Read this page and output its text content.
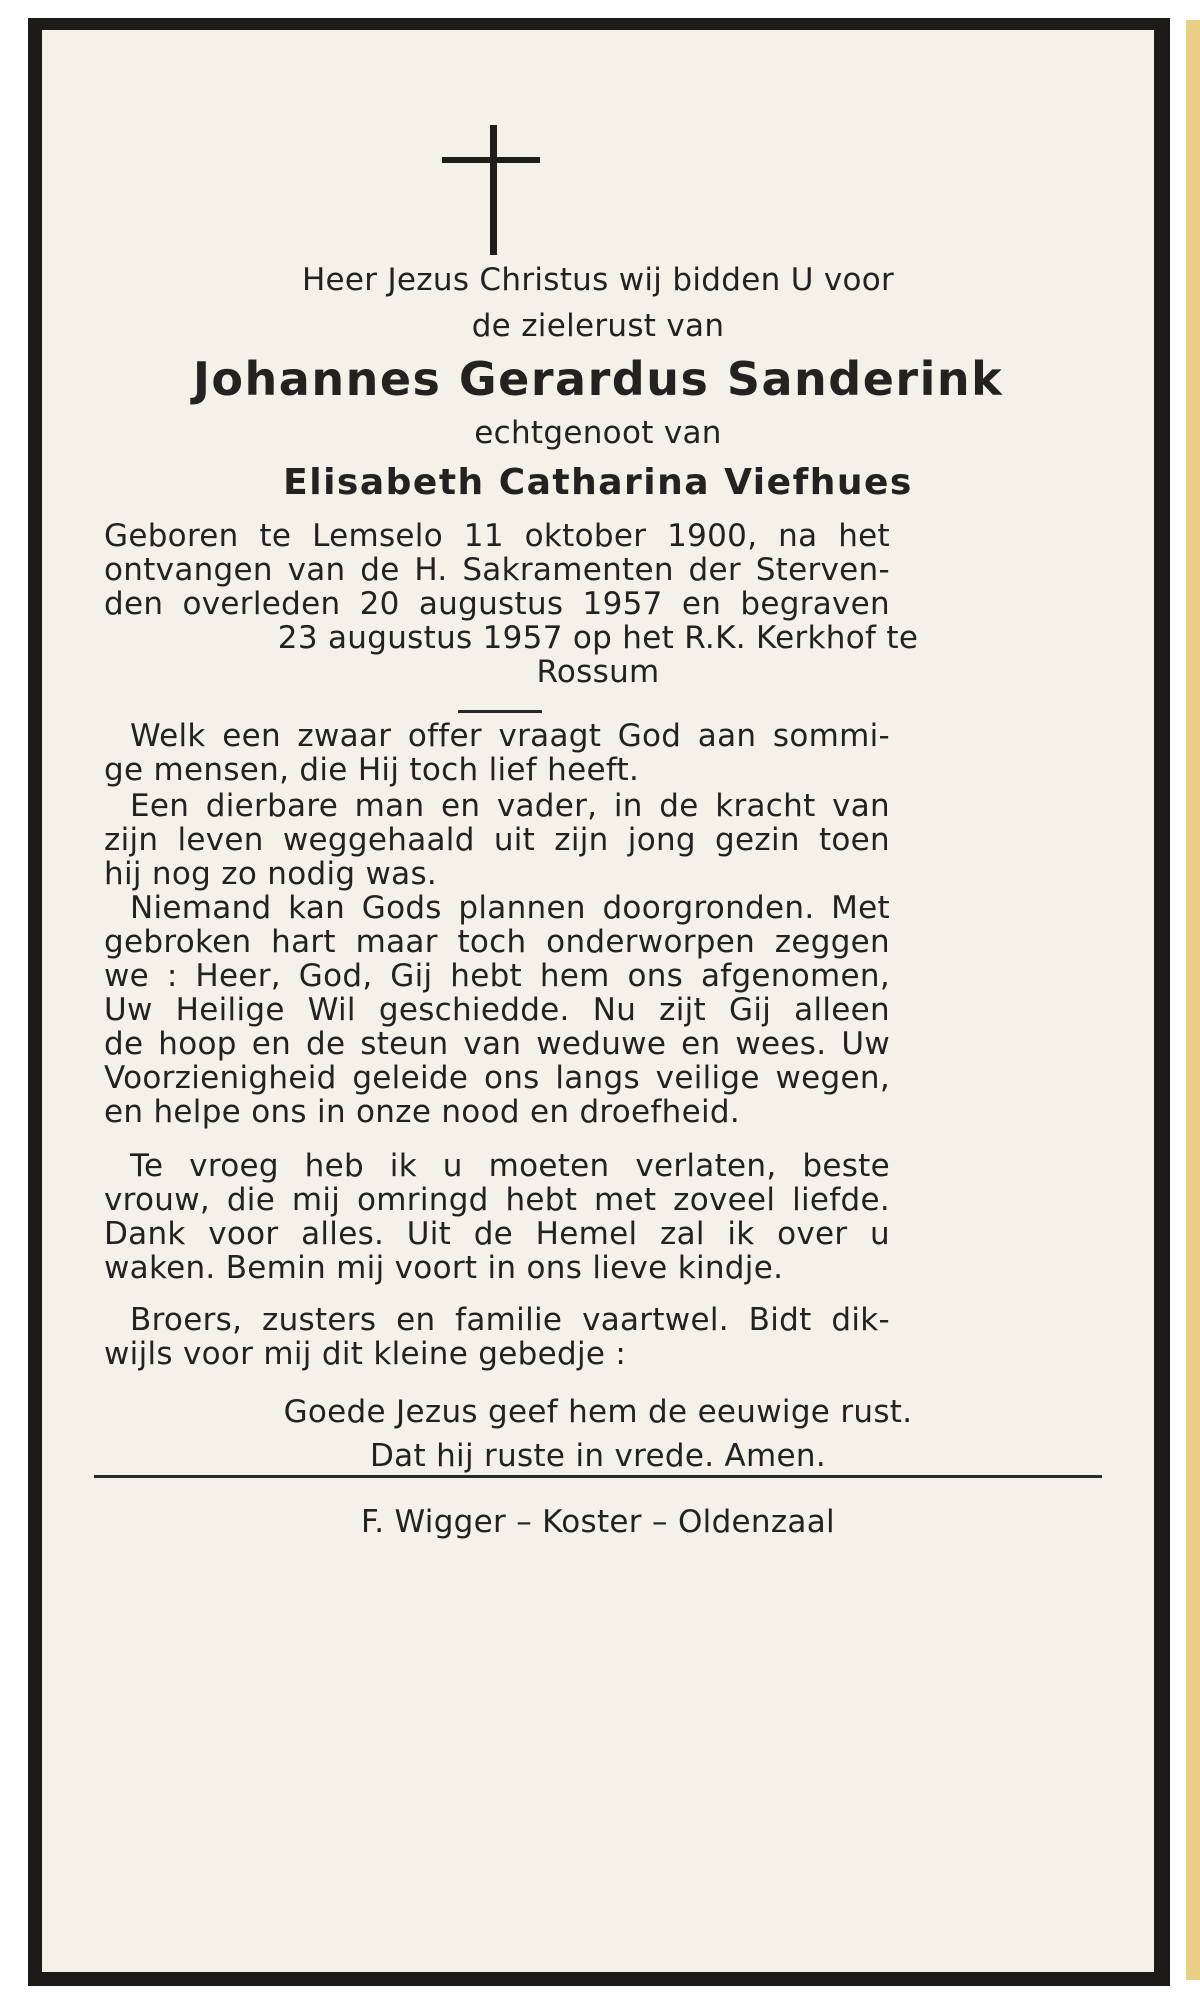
Heer Jezus Christus wij bidden U voor

de zielerust van

Johannes Gerardus Sanderink

echtgenoot van

Elisabeth Catharina Viefhues

Geboren te Lemselo 11 oktober 1900, na het

ontvangen van de H. Sakramenten der Sterven-

den overleden 20 augustus 1957 en begraven

23 augustus 1957 op het R.K. Kerkhof te

Rossum

Welk een zwaar offer vraagt God aan sommi-

ge mensen, die Hij toch lief heeft.

Een dierbare man en vader, in de kracht van

zijn leven weggehaald uit zijn jong gezin toen

hij nog zo nodig was.

Niemand kan Gods plannen doorgronden. Met

gebroken hart maar toch onderworpen zeggen

we : Heer, God, Gij hebt hem ons afgenomen,

Uw Heilige Wil geschiedde. Nu zijt Gij alleen

de hoop en de steun van weduwe en wees. Uw

Voorzienigheid geleide ons langs veilige wegen,

en helpe ons in onze nood en droefheid.

Te vroeg heb ik u moeten verlaten, beste

vrouw, die mij omringd hebt met zoveel liefde.

Dank voor alles. Uit de Hemel zal ik over u

waken. Bemin mij voort in ons lieve kindje.

Broers, zusters en familie vaartwel. Bidt dik-

wijls voor mij dit kleine gebedje :

Goede Jezus geef hem de eeuwige rust.

Dat hij ruste in vrede. Amen.

F. Wigger – Koster – Oldenzaal
